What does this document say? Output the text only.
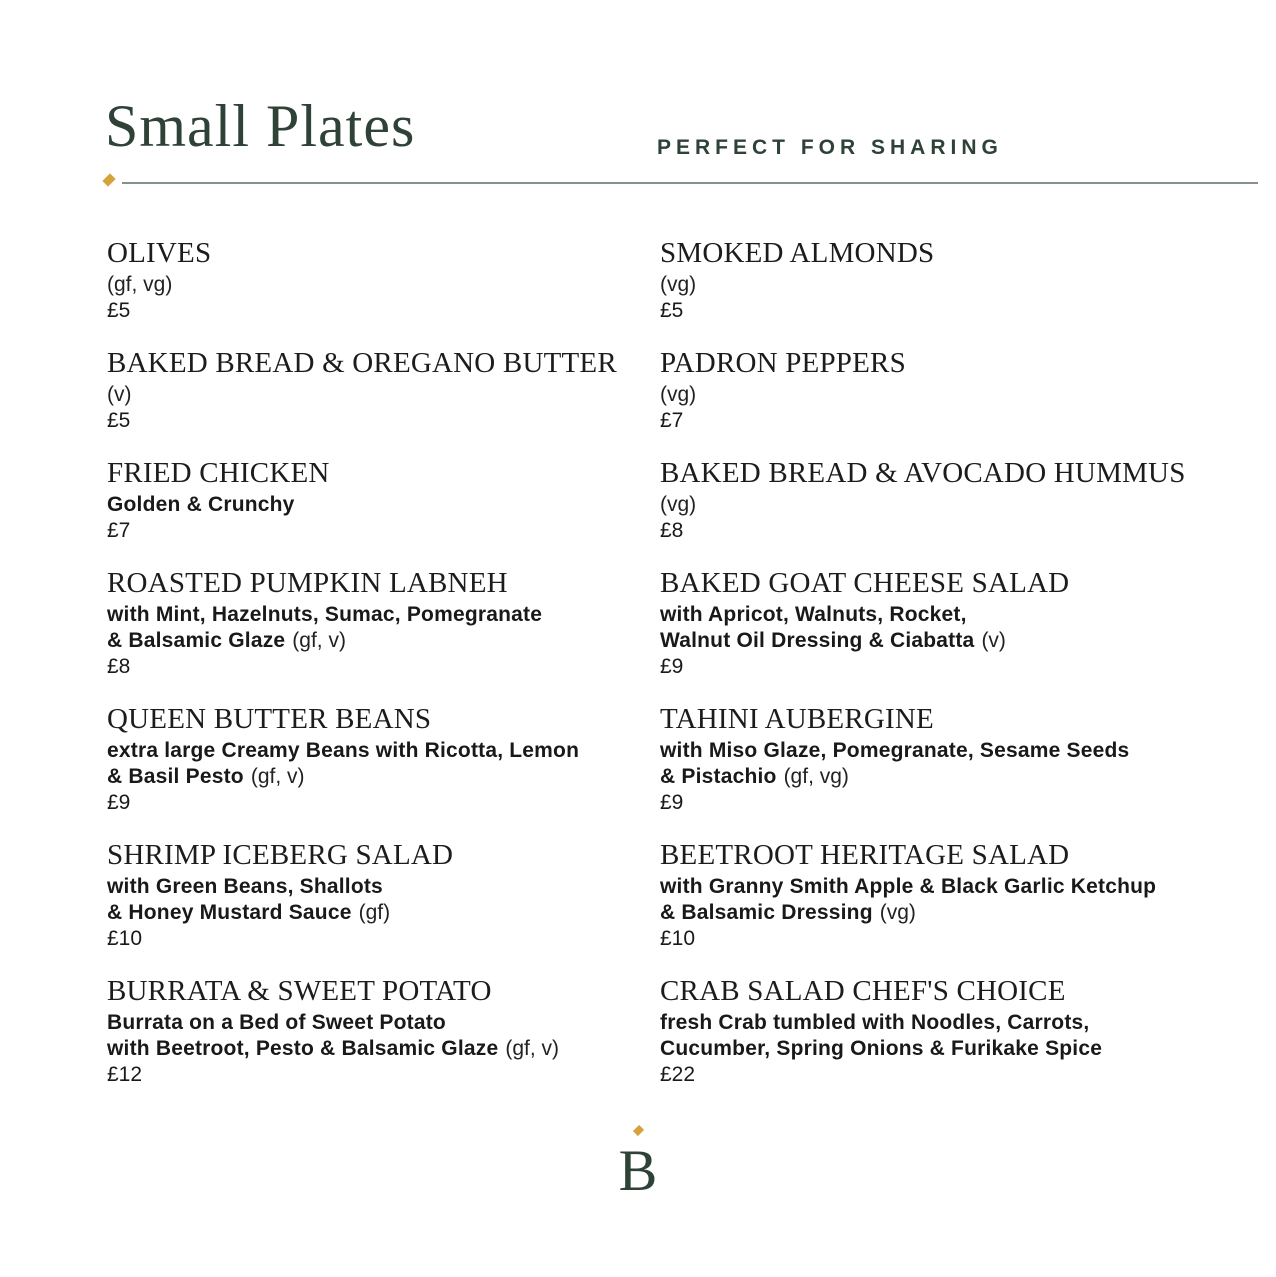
Small Plates	PERFECT FOR SHARING
OLIVES
(gf, vg)
£5
BAKED BREAD & OREGANO BUTTER
(v)
£5
FRIED CHICKEN
Golden & Crunchy
£7
ROASTED PUMPKIN LABNEH
with Mint, Hazelnuts, Sumac, Pomegranate
& Balsamic Glaze (gf, v)
£8
QUEEN BUTTER BEANS
extra large Creamy Beans with Ricotta, Lemon
& Basil Pesto (gf, v)
£9
SHRIMP ICEBERG SALAD
with Green Beans, Shallots
& Honey Mustard Sauce (gf)
£10
BURRATA & SWEET POTATO
Burrata on a Bed of Sweet Potato
with Beetroot, Pesto & Balsamic Glaze (gf, v)
£12
SMOKED ALMONDS
(vg)
£5
PADRON PEPPERS
(vg)
£7
BAKED BREAD & AVOCADO HUMMUS
(vg)
£8
BAKED GOAT CHEESE SALAD
with Apricot, Walnuts, Rocket,
Walnut Oil Dressing & Ciabatta (v)
£9
TAHINI AUBERGINE
with Miso Glaze, Pomegranate, Sesame Seeds
& Pistachio (gf, vg)
£9
BEETROOT HERITAGE SALAD
with Granny Smith Apple & Black Garlic Ketchup
& Balsamic Dressing (vg)
£10
CRAB SALAD CHEF'S CHOICE
fresh Crab tumbled with Noodles, Carrots,
Cucumber, Spring Onions & Furikake Spice
£22
B
